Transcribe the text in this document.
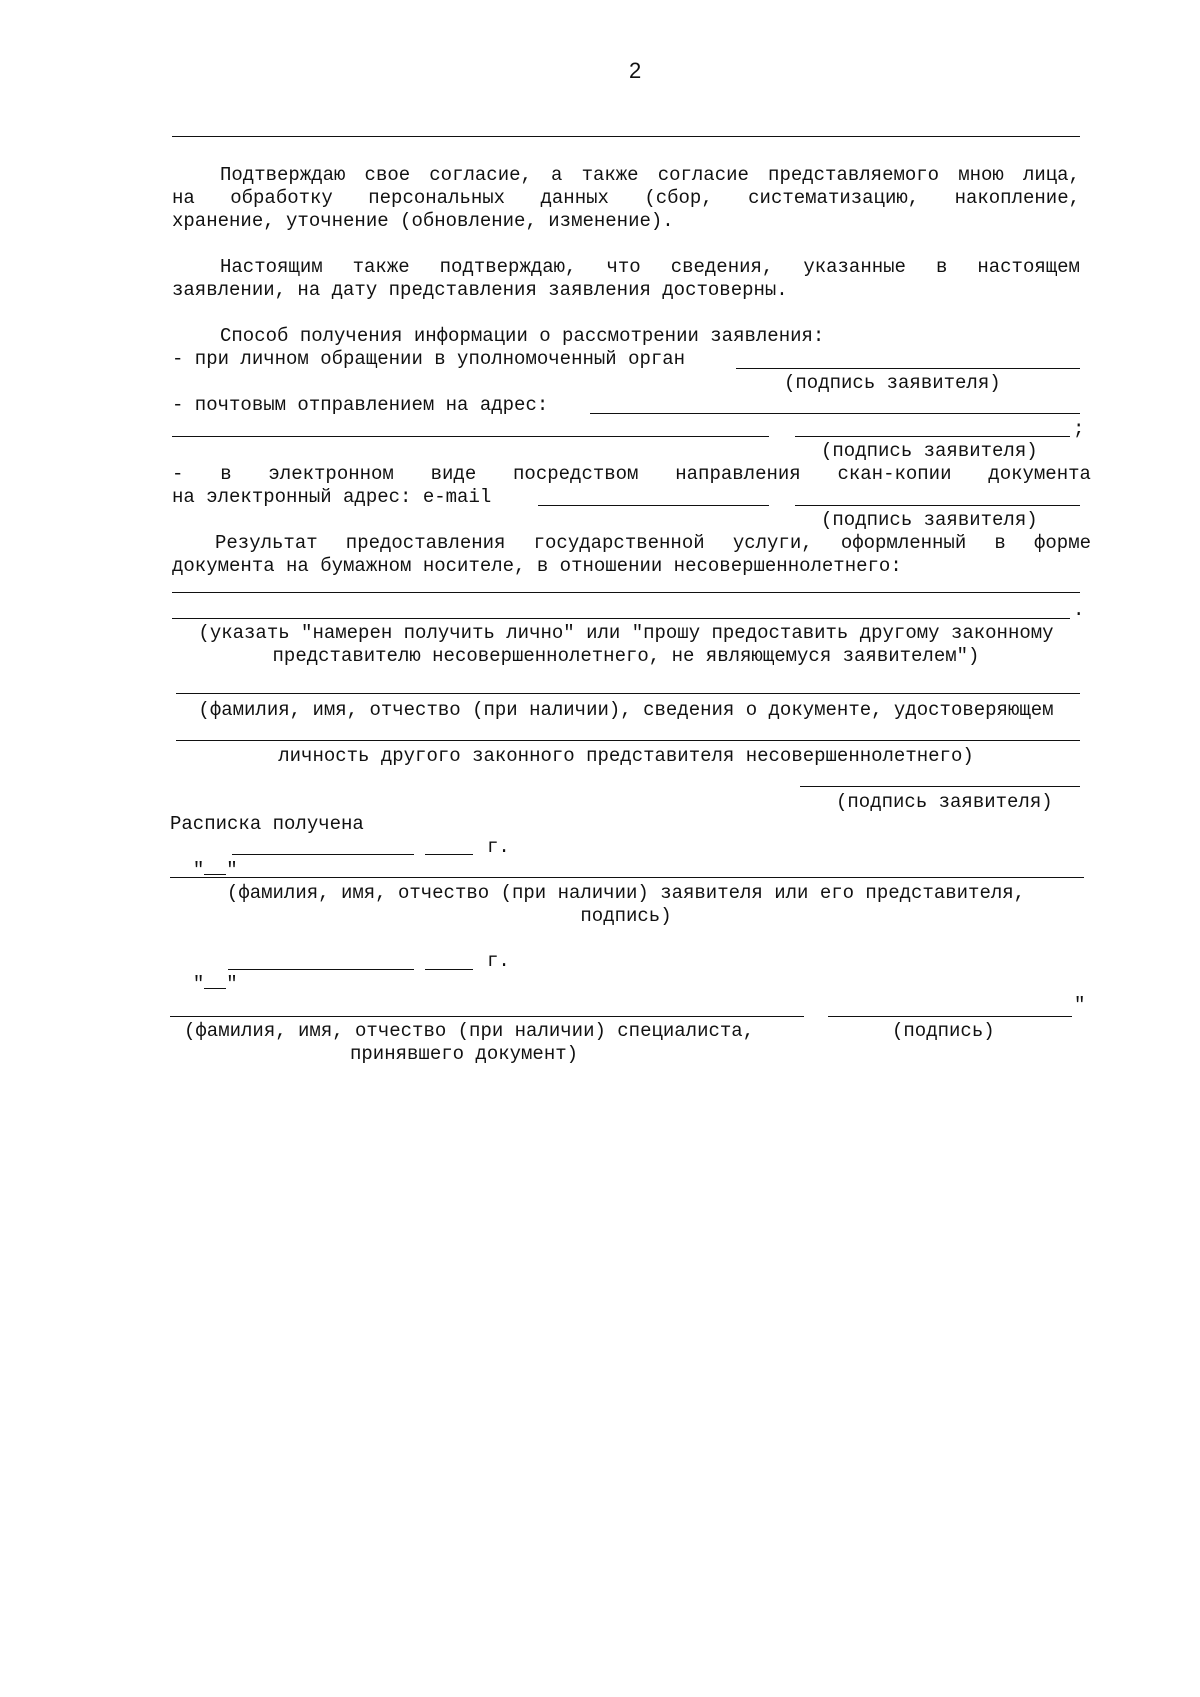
2
Подтверждаю свое согласие, а также согласие представляемого мною лица,
на обработку персональных данных (сбор, систематизацию, накопление,
хранение, уточнение (обновление, изменение).
Настоящим также подтверждаю, что сведения, указанные в настоящем
заявлении, на дату представления заявления достоверны.
Способ получения информации о рассмотрении заявления:
- при личном обращении в уполномоченный орган
(подпись заявителя)
- почтовым отправлением на адрес:
;
(подпись заявителя)
- в электронном виде посредством направления скан-копии документа
на электронный адрес: e-mail
(подпись заявителя)
Результат предоставления государственной услуги, оформленный в форме
документа на бумажном носителе, в отношении несовершеннолетнего:
.
(указать "намерен получить лично" или "прошу предоставить другому законному
представителю несовершеннолетнего, не являющемуся заявителем")
(фамилия, имя, отчество (при наличии), сведения о документе, удостоверяющем
личность другого законного представителя несовершеннолетнего)
(подпись заявителя)
Расписка получена

" "

г.
(фамилия, имя, отчество (при наличии) заявителя или его представителя,
подпись)

" "

г.
"
(фамилия, имя, отчество (при наличии) специалиста,	(подпись)
принявшего документ)
